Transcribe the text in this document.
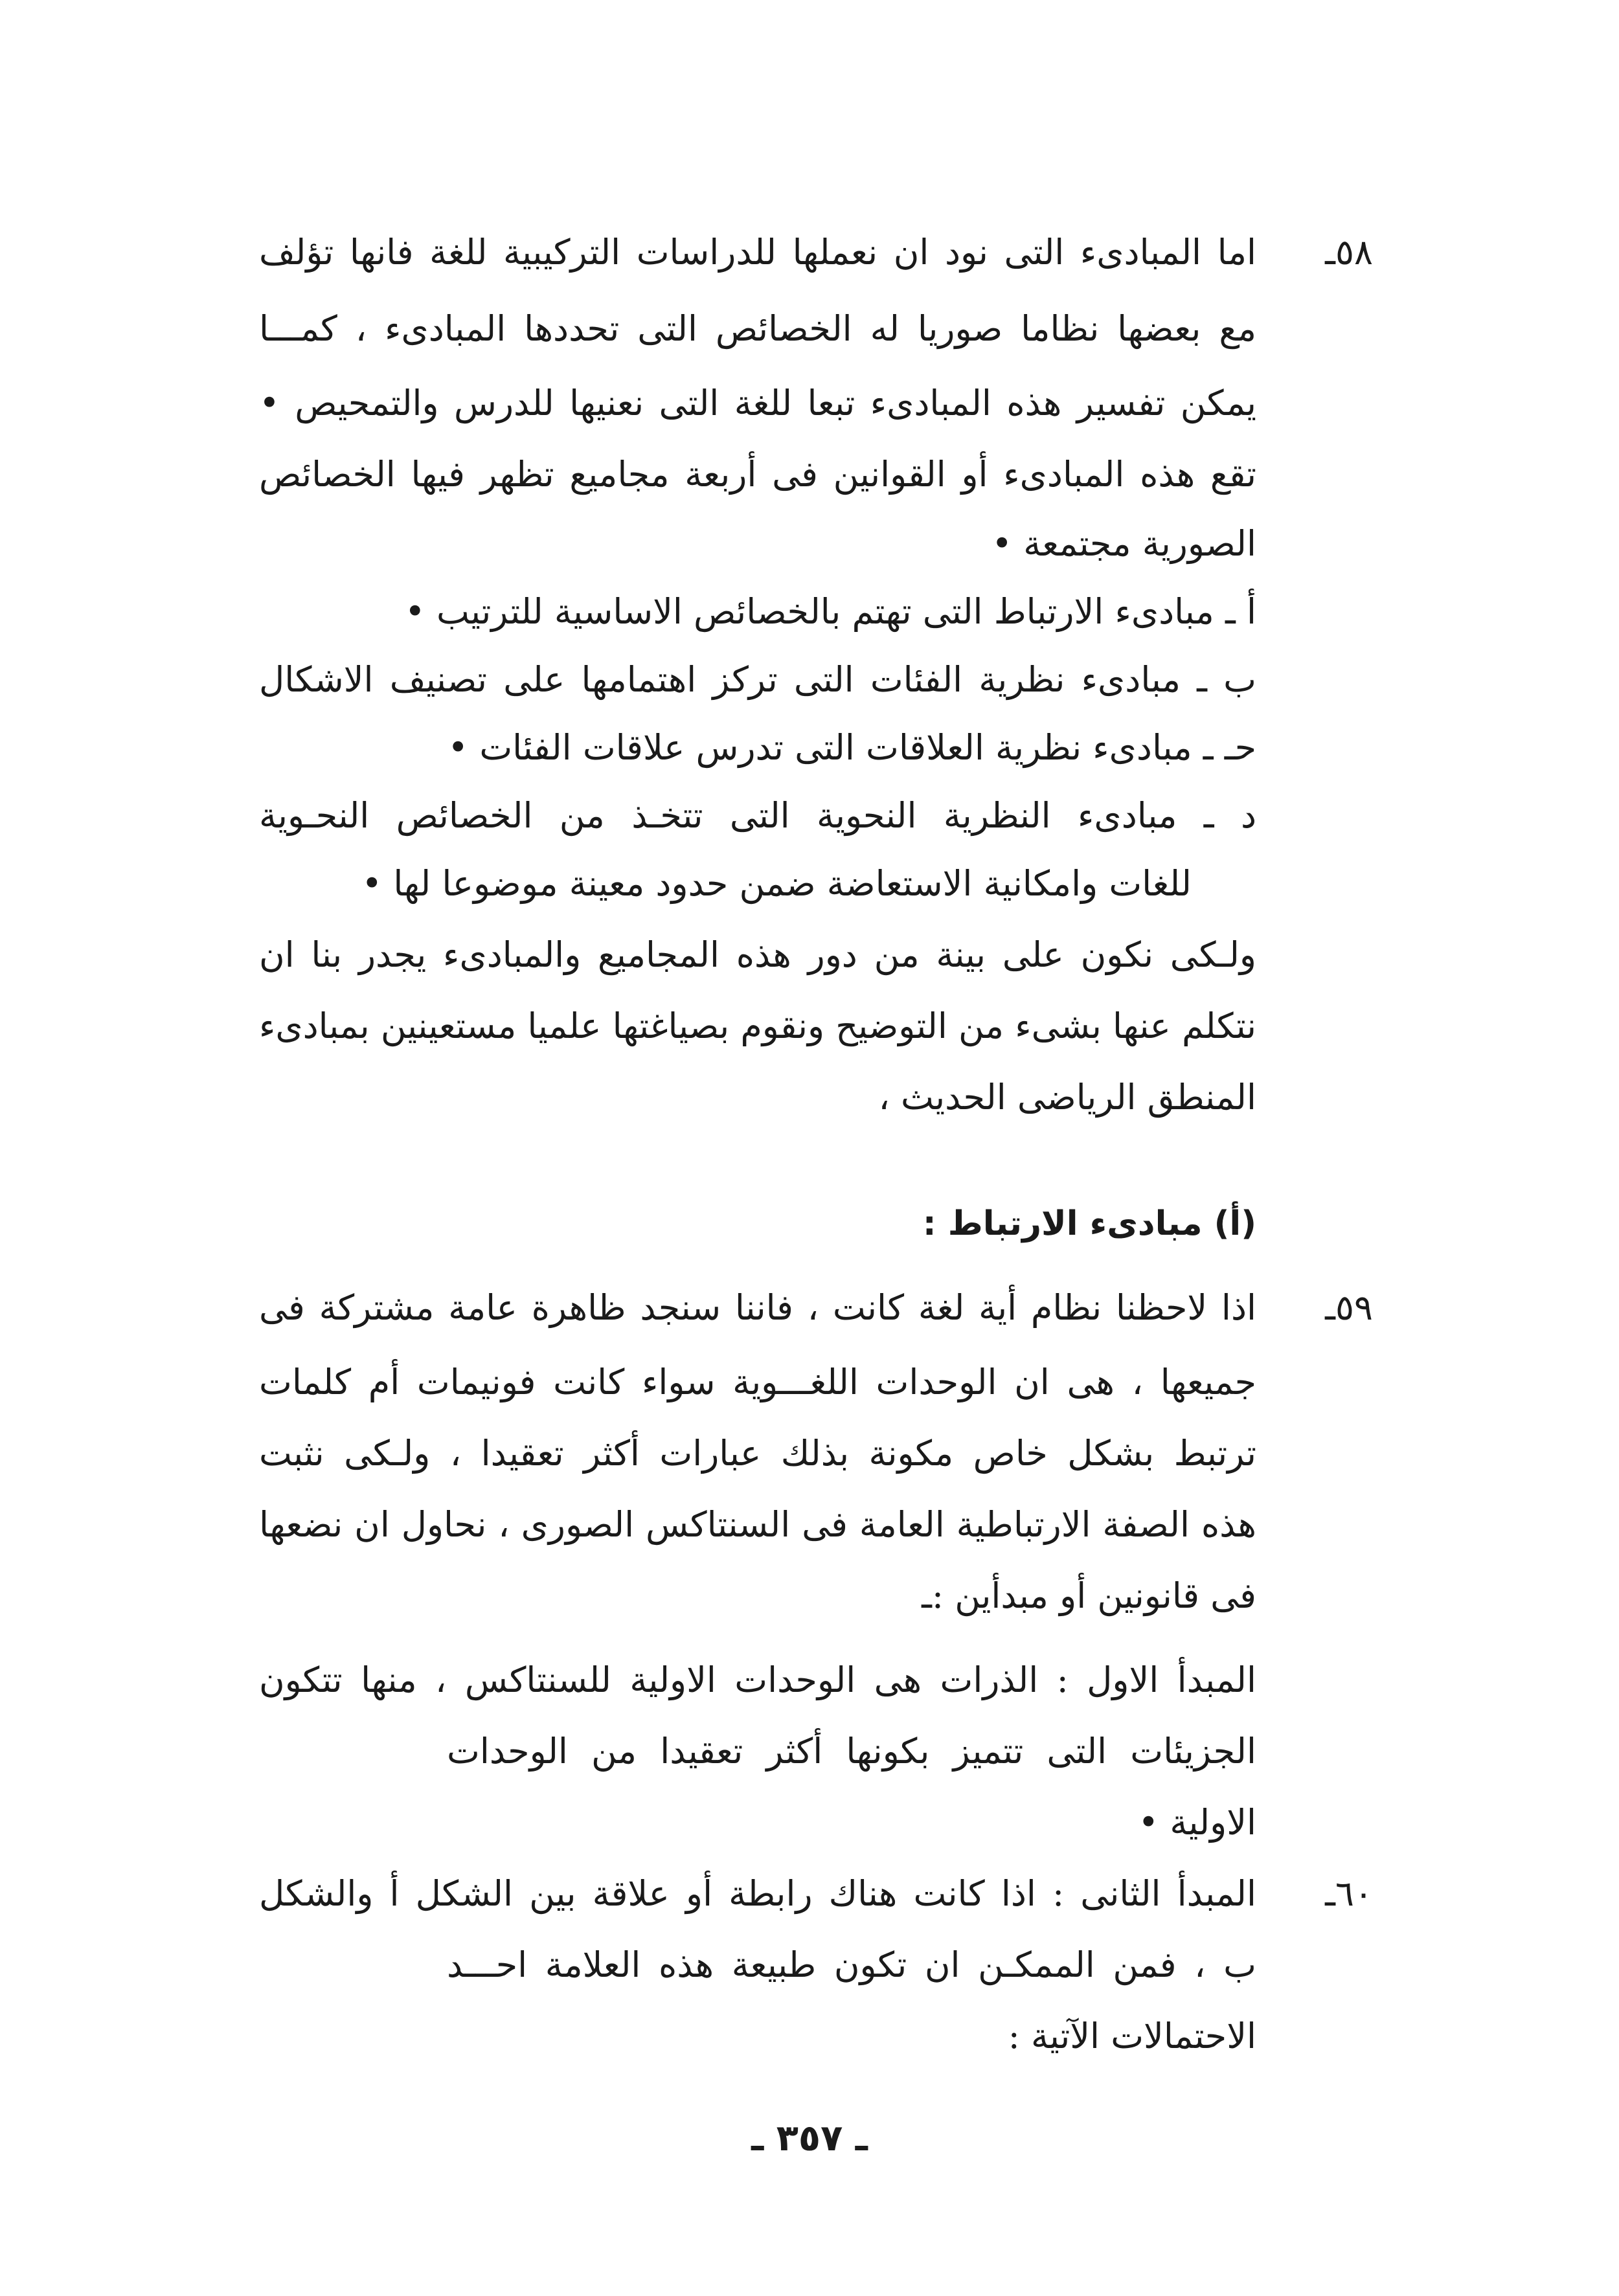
٥٨ـ
اما المبادىء التى نود ان نعملها للدراسات التركيبية للغة فانها تؤلف
مع بعضها نظاما صوريا له الخصائص التى تحددها المبادىء ، كمـــا
يمكن تفسير هذه المبادىء تبعا للغة التى نعنيها للدرس والتمحيص •
تقع هذه المبادىء أو القوانين فى أربعة مجاميع تظهر فيها الخصائص
الصورية مجتمعة •
أ ـ مبادىء الارتباط التى تهتم بالخصائص الاساسية للترتيب •
ب ـ مبادىء نظرية الفئات التى تركز اهتمامها على تصنيف الاشكال
حـ ـ مبادىء نظرية العلاقات التى تدرس علاقات الفئات •
د ـ مبادىء النظرية النحوية التى تتخـذ من الخصائص النحـوية
للغات وامكانية الاستعاضة ضمن حدود معينة موضوعا لها •
ولـكى نكون على بينة من دور هذه المجاميع والمبادىء يجدر بنا ان
نتكلم عنها بشىء من التوضيح ونقوم بصياغتها علميا مستعينين بمبادىء
المنطق الرياضى الحديث ،
(أ) مبادىء الارتباط :
٥٩ـ
اذا لاحظنا نظام أية لغة كانت ، فاننا سنجد ظاهرة عامة مشتركة فى
جميعها ، هى ان الوحدات اللغـــوية سواء كانت فونيمات أم كلمات
ترتبط بشكل خاص مكونة بذلك عبارات أكثر تعقيدا ، ولـكى نثبت
هذه الصفة الارتباطية العامة فى السنتاكس الصورى ، نحاول ان نضعها
فى قانونين أو مبدأين :ـ
المبدأ الاول : الذرات هى الوحدات الاولية للسنتاكس ، منها تتكون
الجزيئات التى تتميز بكونها أكثر تعقيدا من الوحدات
الاولية •
٦٠ـ
المبدأ الثانى : اذا كانت هناك رابطة أو علاقة بين الشكل أ والشكل
ب ، فمن الممكـن ان تكون طبيعة هذه العلامة احـــد
الاحتمالات الآتية :
ـ ٣٥٧ ـ
